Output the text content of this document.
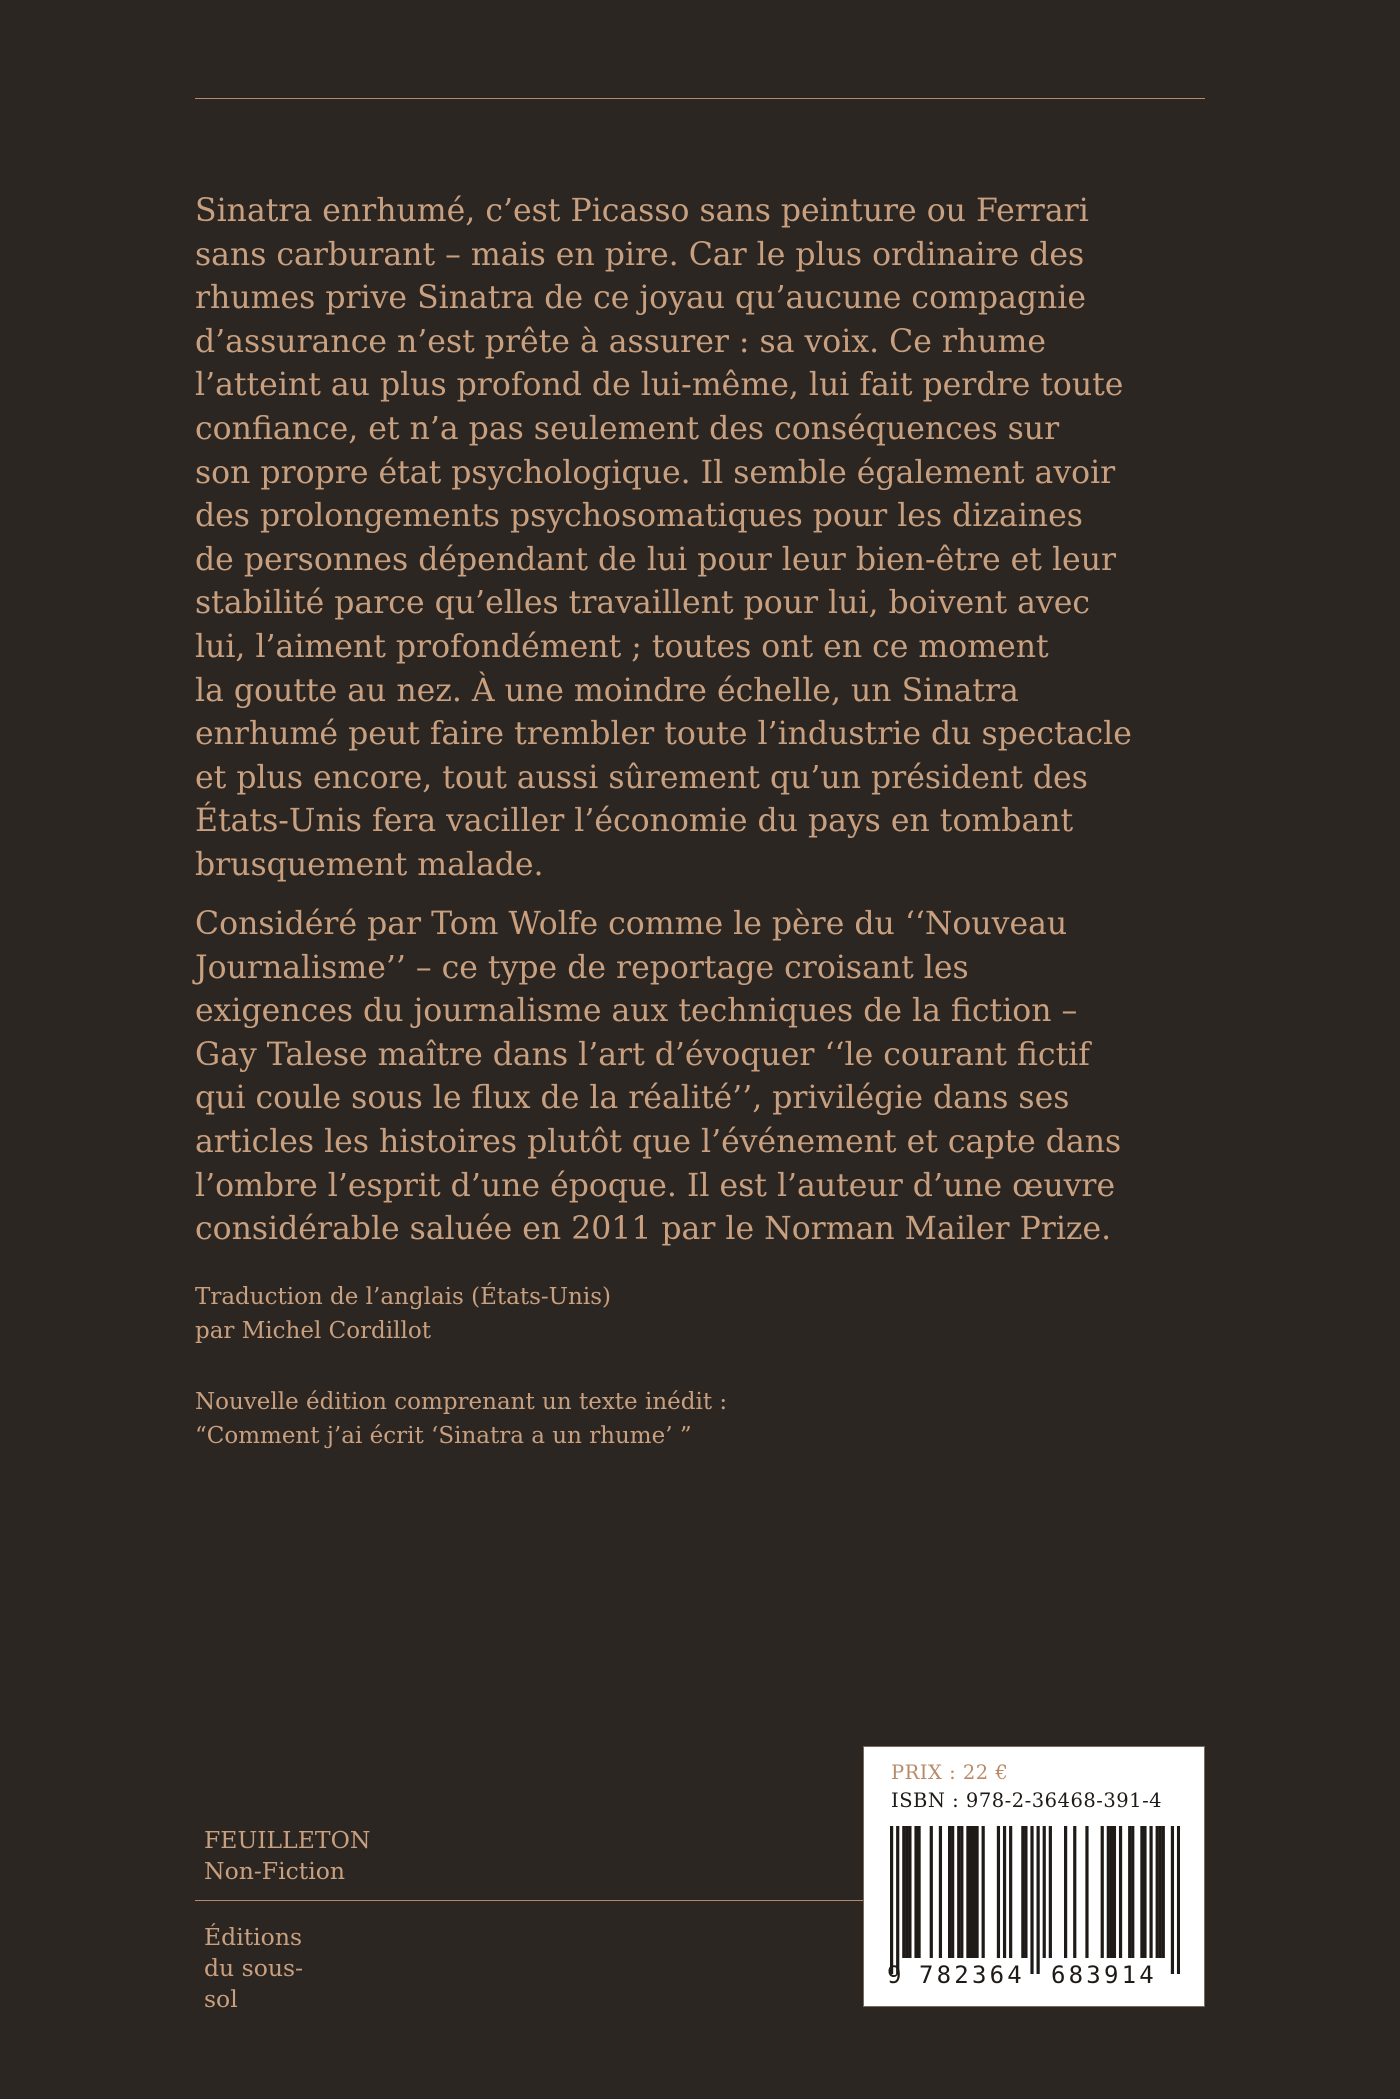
Sinatra enrhumé, c’est Picasso sans peinture ou Ferrari
sans carburant – mais en pire. Car le plus ordinaire des
rhumes prive Sinatra de ce joyau qu’aucune compagnie
d’assurance n’est prête à assurer : sa voix. Ce rhume
l’atteint au plus profond de lui-même, lui fait perdre toute
confiance, et n’a pas seulement des conséquences sur
son propre état psychologique. Il semble également avoir
des prolongements psychosomatiques pour les dizaines
de personnes dépendant de lui pour leur bien-être et leur
stabilité parce qu’elles travaillent pour lui, boivent avec
lui, l’aiment profondément ; toutes ont en ce moment
la goutte au nez. À une moindre échelle, un Sinatra
enrhumé peut faire trembler toute l’industrie du spectacle
et plus encore, tout aussi sûrement qu’un président des
États-Unis fera vaciller l’économie du pays en tombant
brusquement malade.

Considéré par Tom Wolfe comme le père du ‘‘Nouveau
Journalisme’’ – ce type de reportage croisant les
exigences du journalisme aux techniques de la fiction –
Gay Talese maître dans l’art d’évoquer ‘‘le courant fictif
qui coule sous le flux de la réalité’’, privilégie dans ses
articles les histoires plutôt que l’événement et capte dans
l’ombre l’esprit d’une époque. Il est l’auteur d’une œuvre
considérable saluée en 2011 par le Norman Mailer Prize.

Traduction de l’anglais (États-Unis)
par Michel Cordillot

Nouvelle édition comprenant un texte inédit :
“Comment j’ai écrit ‘Sinatra a un rhume’ ”

FEUILLETON
Non-Fiction

Éditions
du sous-
sol

PRIX : 22 €
ISBN : 978-2-36468-391-4
9 782364 683914
